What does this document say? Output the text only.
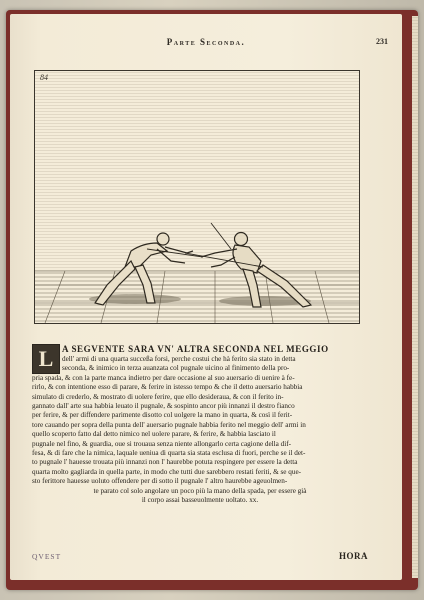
Parte Seconda.	231
84
L A SEGVENTE SARA VN' ALTRA SECONDA NEL MEGGIO
dell' armi di una quarta succeßa forsi, perche costui che hà ferito sia stato in detta
seconda, & inimico in terza auanzata col pugnale uicino al finimento della pro-
pria spada, & con la parte manca indietro per dare occasione al suo auersario di uenire à fe-
rirlo, & con intentione esso di parare, & ferire in istesso tempo & che il detto auersario habbia
simulato di crederlo, & mostrato di uolere ferire, que ello desideraua, & con il ferito in-
gannato dall' arte sua habbia leuato il pugnale, & sospinto ancor più innanzi il destro fianco
per ferire, & per diffendere parimente disotto col uolgere la mano in quarta, & così il ferit-
tore cauando per sopra della punta dell' auersario pugnale habbia ferito nel meggio dell' armi in
quello scoperto fatto dal detto nimico nel uolere parare, & ferire, & habbia lasciato il
pugnale nel fino, & guardia, oue si trouaua senza niente allongarlo certa cagione della dif-
fesa, & di fare che la nimica, laquale ueniua di quarta sia stata esclusa di fuori, perche se il det-
to pugnale l' hauesse trouata più innanzi non l' haurebbe potuta respingere per essere la detta
quarta molto gagliarda in quella parte, in modo che tutti due sarebbero restati feriti, & se que-
sto ferittore hauesse uoluto offendere per di sotto il pugnale l' altro haurebbe ageuolmen-
te parato col solo angolare un poco più la mano della spada, per essere già
il corpo assai basseuolmente uoltato. xx.
QVEST	HORA
